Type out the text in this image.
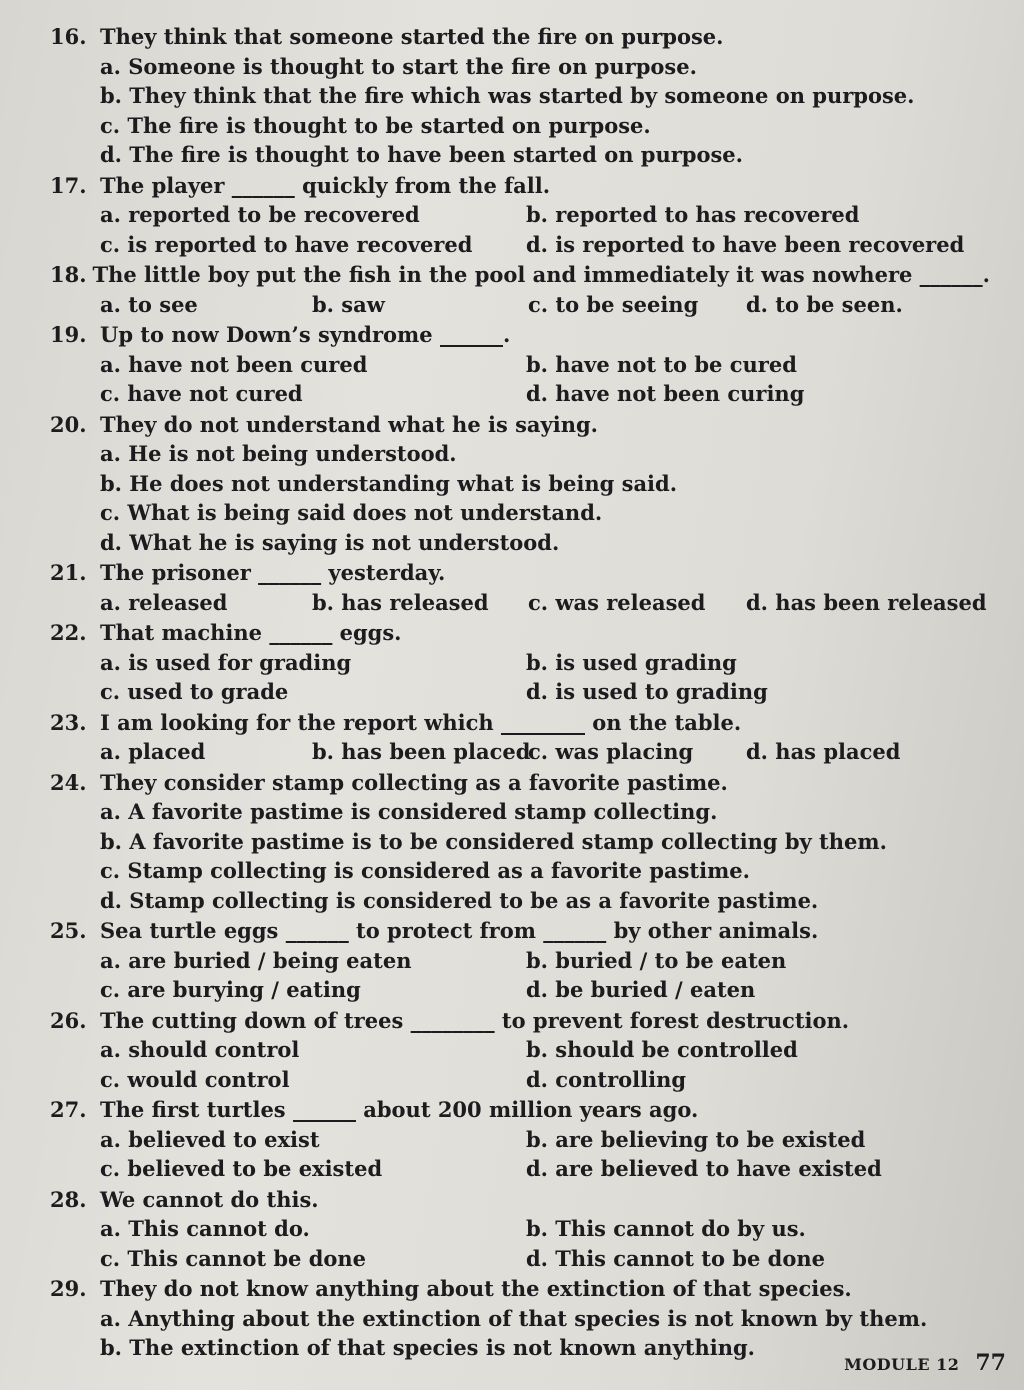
16. They think that someone started the fire on purpose.
a. Someone is thought to start the fire on purpose.
b. They think that the fire which was started by someone on purpose.
c. The fire is thought to be started on purpose.
d. The fire is thought to have been started on purpose.
17. The player ______ quickly from the fall.
a. reported to be recovered	b. reported to has recovered
c. is reported to have recovered	d. is reported to have been recovered
18. The little boy put the fish in the pool and immediately it was nowhere ______.
a. to see	b. saw	c. to be seeing	d. to be seen.
19. Up to now Down’s syndrome ______.
a. have not been cured	b. have not to be cured
c. have not cured	d. have not been curing
20. They do not understand what he is saying.
a. He is not being understood.
b. He does not understanding what is being said.
c. What is being said does not understand.
d. What he is saying is not understood.
21. The prisoner ______ yesterday.
a. released	b. has released	c. was released	d. has been released
22. That machine ______ eggs.
a. is used for grading	b. is used grading
c. used to grade	d. is used to grading
23. I am looking for the report which ________ on the table.
a. placed	b. has been placed
c. was placing	d. has placed
24. They consider stamp collecting as a favorite pastime.
a. A favorite pastime is considered stamp collecting.
b. A favorite pastime is to be considered stamp collecting by them.
c. Stamp collecting is considered as a favorite pastime.
d. Stamp collecting is considered to be as a favorite pastime.
25. Sea turtle eggs ______ to protect from ______ by other animals.
a. are buried / being eaten	b. buried / to be eaten
c. are burying / eating	d. be buried / eaten
26. The cutting down of trees ________ to prevent forest destruction.
a. should control	b. should be controlled
c. would control	d. controlling
27. The first turtles ______ about 200 million years ago.
a. believed to exist	b. are believing to be existed
c. believed to be existed	d. are believed to have existed
28. We cannot do this.
a. This cannot do.	b. This cannot do by us.
c. This cannot be done	d. This cannot to be done
29. They do not know anything about the extinction of that species.
a. Anything about the extinction of that species is not known by them.
b. The extinction of that species is not known anything.
MODULE 12 77
